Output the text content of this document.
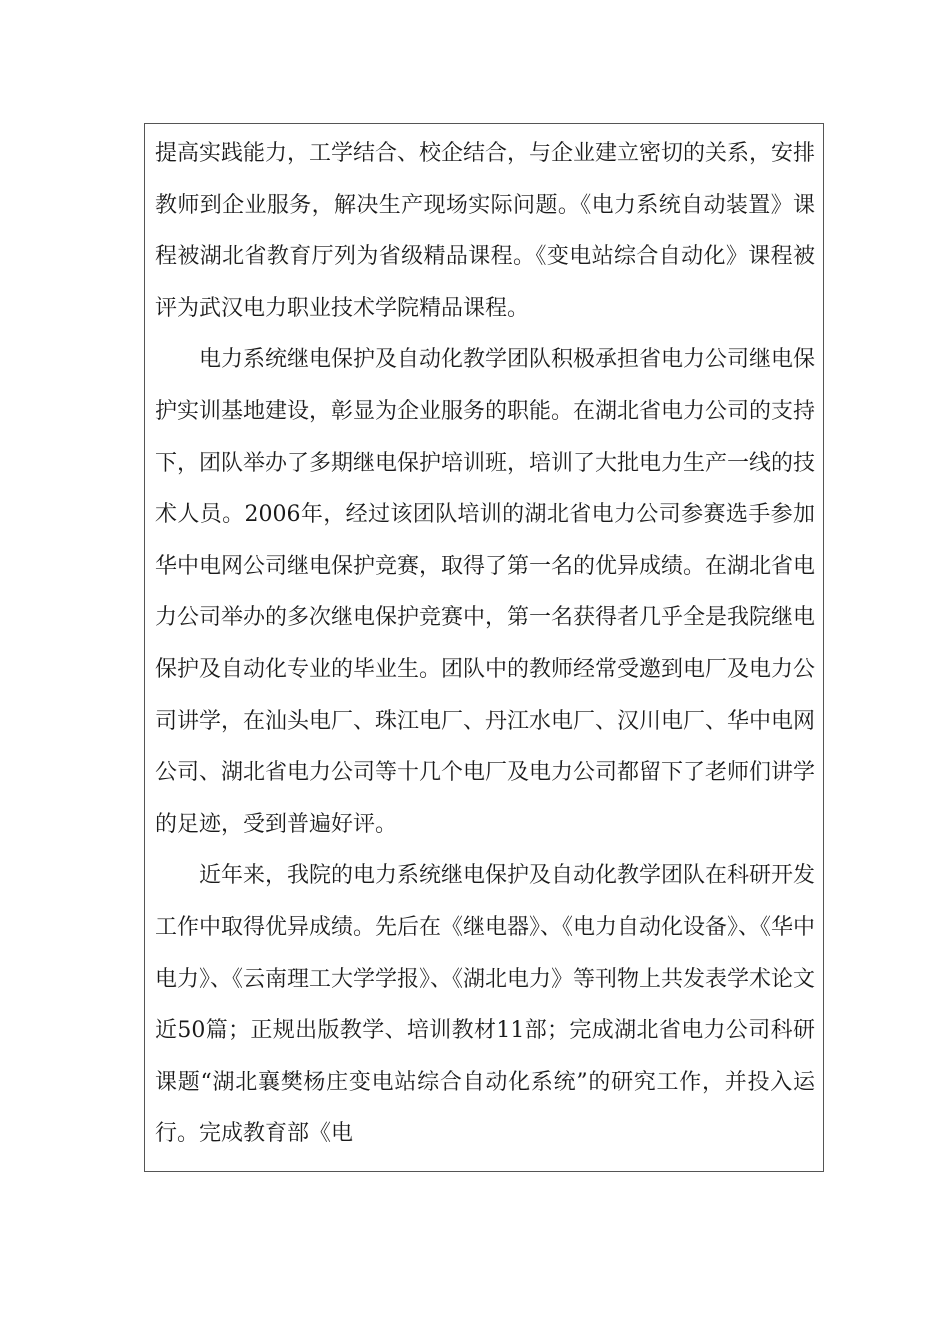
提高实践能力，工学结合、校企结合，与企业建立密切的关系，安排教师到企业服务，解决生产现场实际问题。《电力系统自动装置》课程被湖北省教育厅列为省级精品课程。《变电站综合自动化》课程被评为武汉电力职业技术学院精品课程。

电力系统继电保护及自动化教学团队积极承担省电力公司继电保护实训基地建设，彰显为企业服务的职能。在湖北省电力公司的支持下，团队举办了多期继电保护培训班，培训了大批电力生产一线的技术人员。2006年，经过该团队培训的湖北省电力公司参赛选手参加华中电网公司继电保护竞赛，取得了第一名的优异成绩。在湖北省电力公司举办的多次继电保护竞赛中，第一名获得者几乎全是我院继电保护及自动化专业的毕业生。团队中的教师经常受邀到电厂及电力公司讲学，在汕头电厂、珠江电厂、丹江水电厂、汉川电厂、华中电网公司、湖北省电力公司等十几个电厂及电力公司都留下了老师们讲学的足迹，受到普遍好评。

近年来，我院的电力系统继电保护及自动化教学团队在科研开发工作中取得优异成绩。先后在《继电器》、《电力自动化设备》、《华中电力》、《云南理工大学学报》、《湖北电力》等刊物上共发表学术论文近50篇；正规出版教学、培训教材11部；完成湖北省电力公司科研课题“湖北襄樊杨庄变电站综合自动化系统”的研究工作，并投入运行。完成教育部《电
